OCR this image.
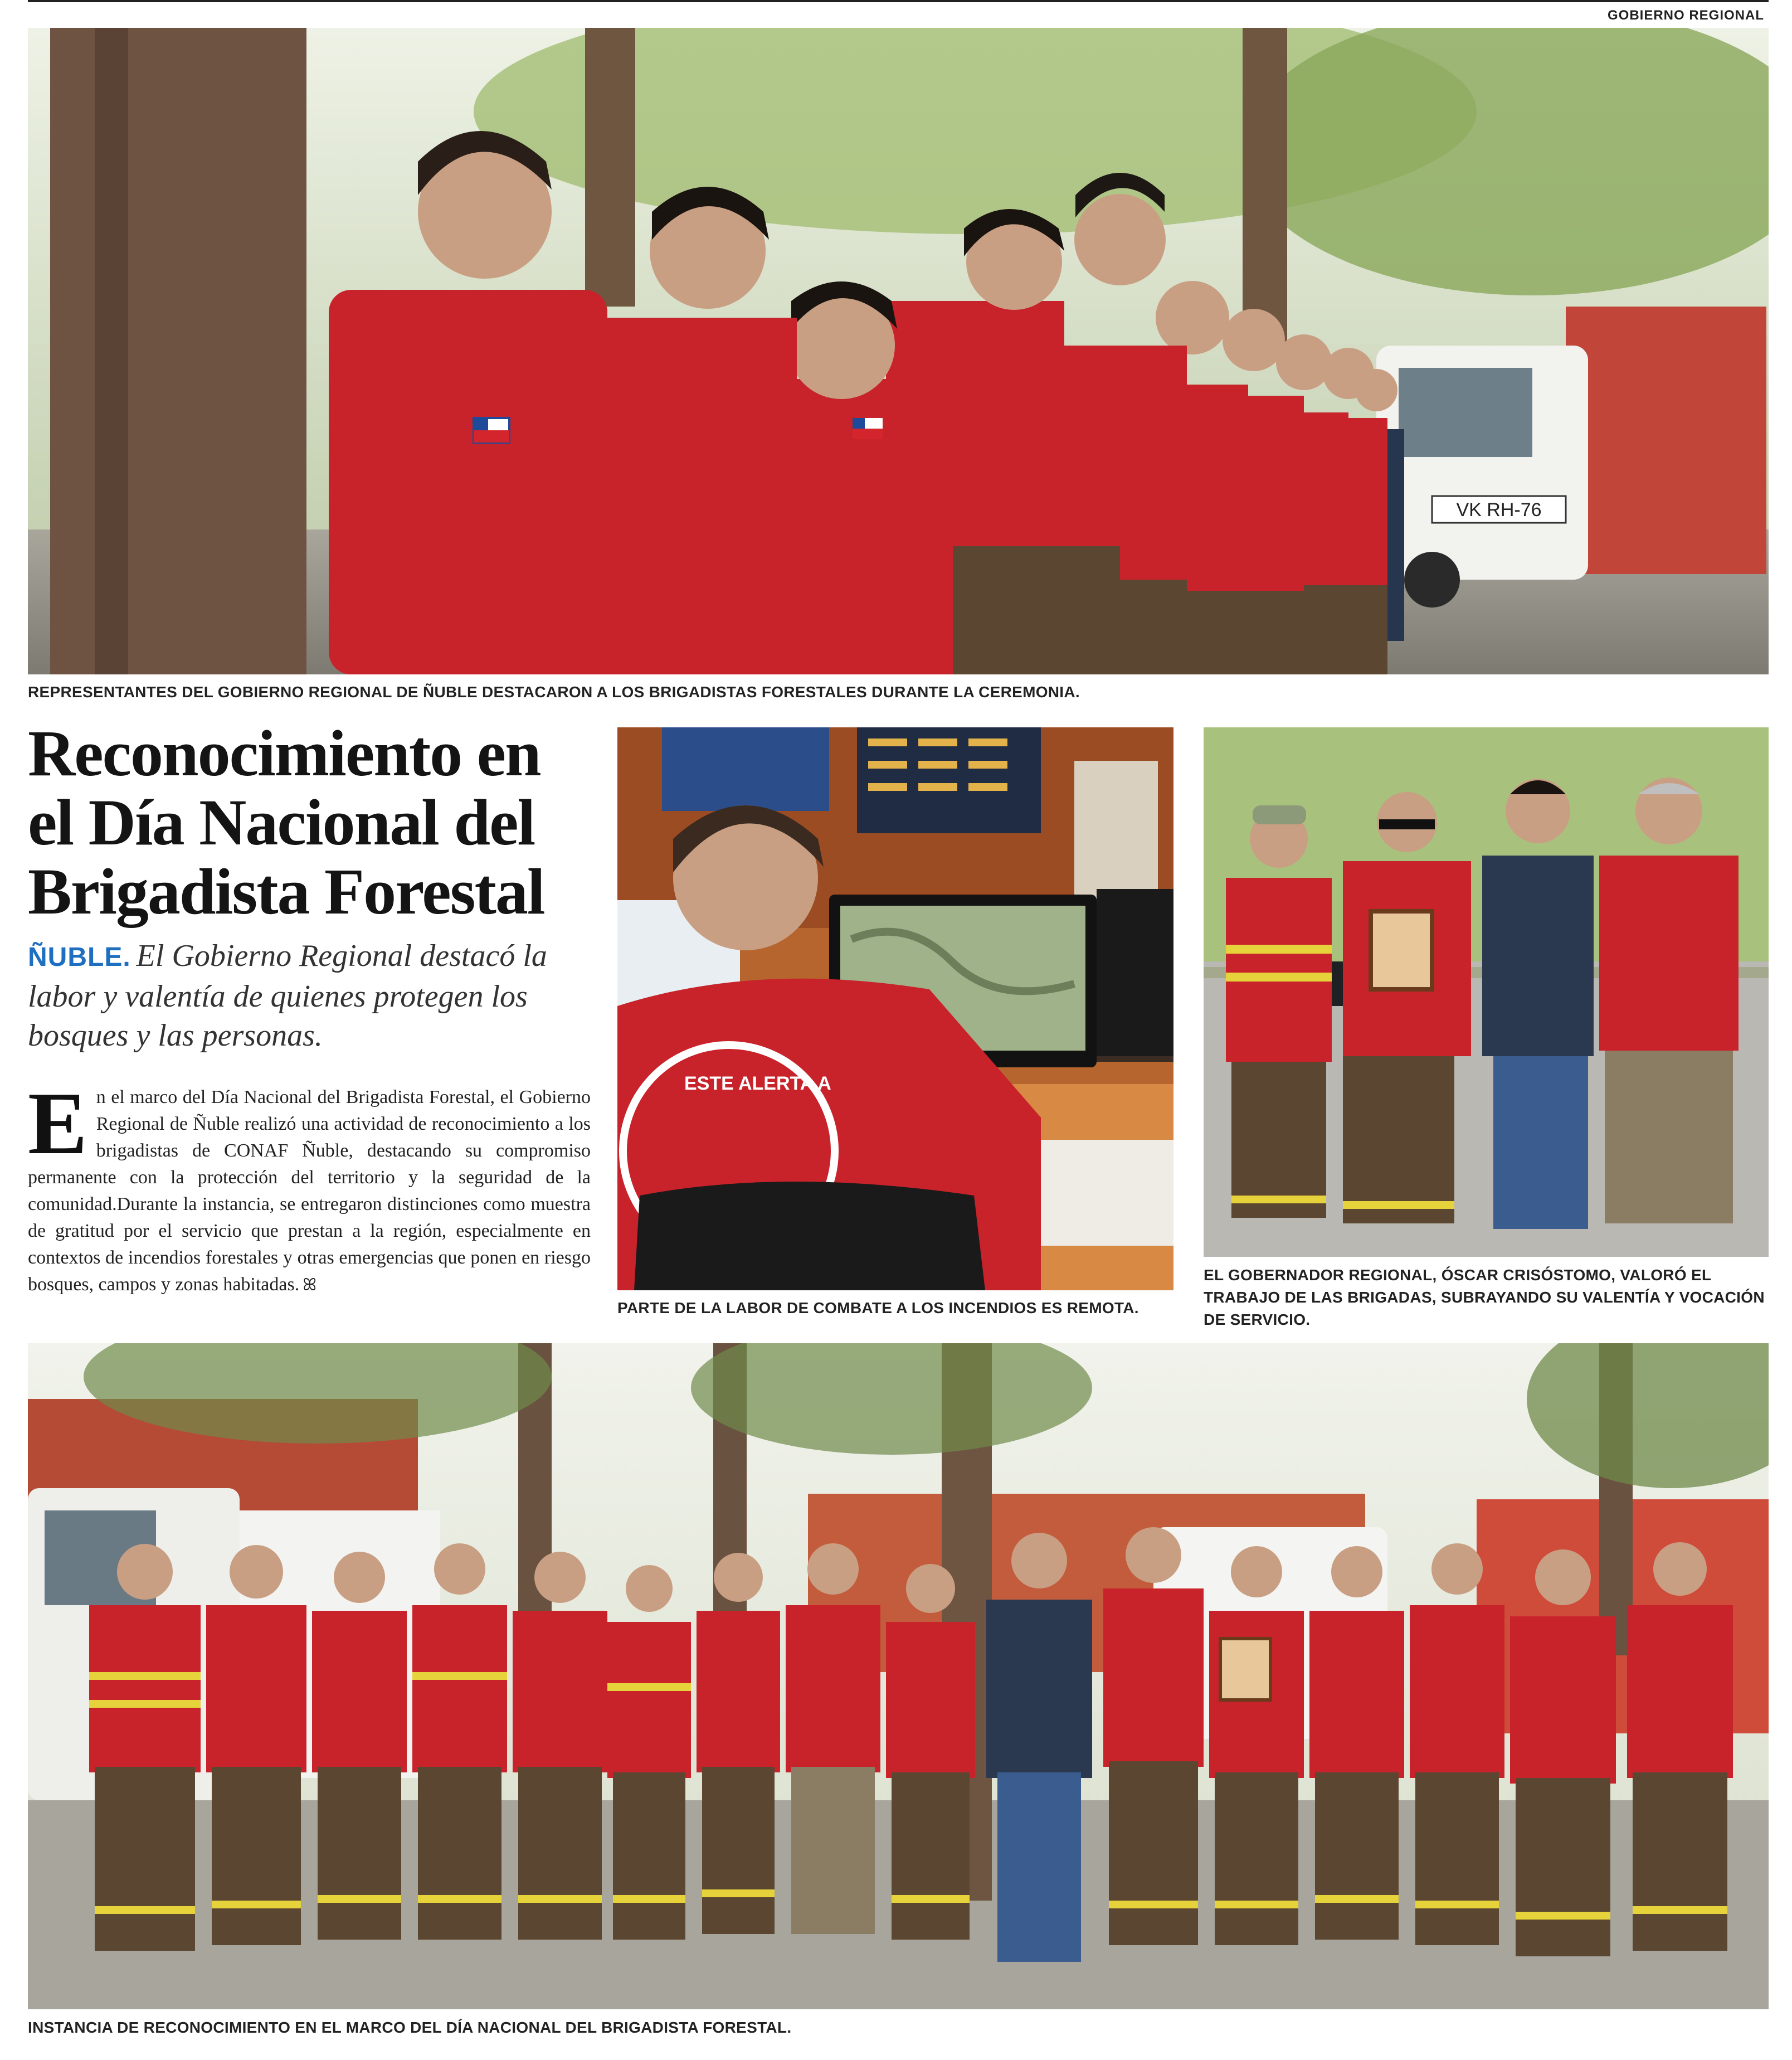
GOBIERNO REGIONAL
VK RH-76
REPRESENTANTES DEL GOBIERNO REGIONAL DE ÑUBLE DESTACARON A LOS BRIGADISTAS FORESTALES DURANTE LA CEREMONIA.
Reconocimiento en el Día Nacional del Brigadista Forestal
ÑUBLE. El Gobierno Regional destacó la labor y valentía de quienes protegen los bosques y las personas.
En el marco del Día Nacional del Brigadista Forestal, el Gobierno Regional de Ñuble realizó una actividad de reconocimiento a los brigadistas de CONAF Ñuble, destacando su compromiso permanente con la protección del territorio y la seguridad de la comunidad.Durante la instancia, se entregaron distinciones como muestra de gratitud por el servicio que prestan a la región, especialmente en contextos de incendios forestales y otras emergencias que ponen en riesgo bosques, campos y zonas habitadas. ꕤ
ESTE ALERTA A
PARTE DE LA LABOR DE COMBATE A LOS INCENDIOS ES REMOTA.
EL GOBERNADOR REGIONAL, ÓSCAR CRISÓSTOMO, VALORÓ EL TRABAJO DE LAS BRIGADAS, SUBRAYANDO SU VALENTÍA Y VOCACIÓN DE SERVICIO.
INSTANCIA DE RECONOCIMIENTO EN EL MARCO DEL DÍA NACIONAL DEL BRIGADISTA FORESTAL.
